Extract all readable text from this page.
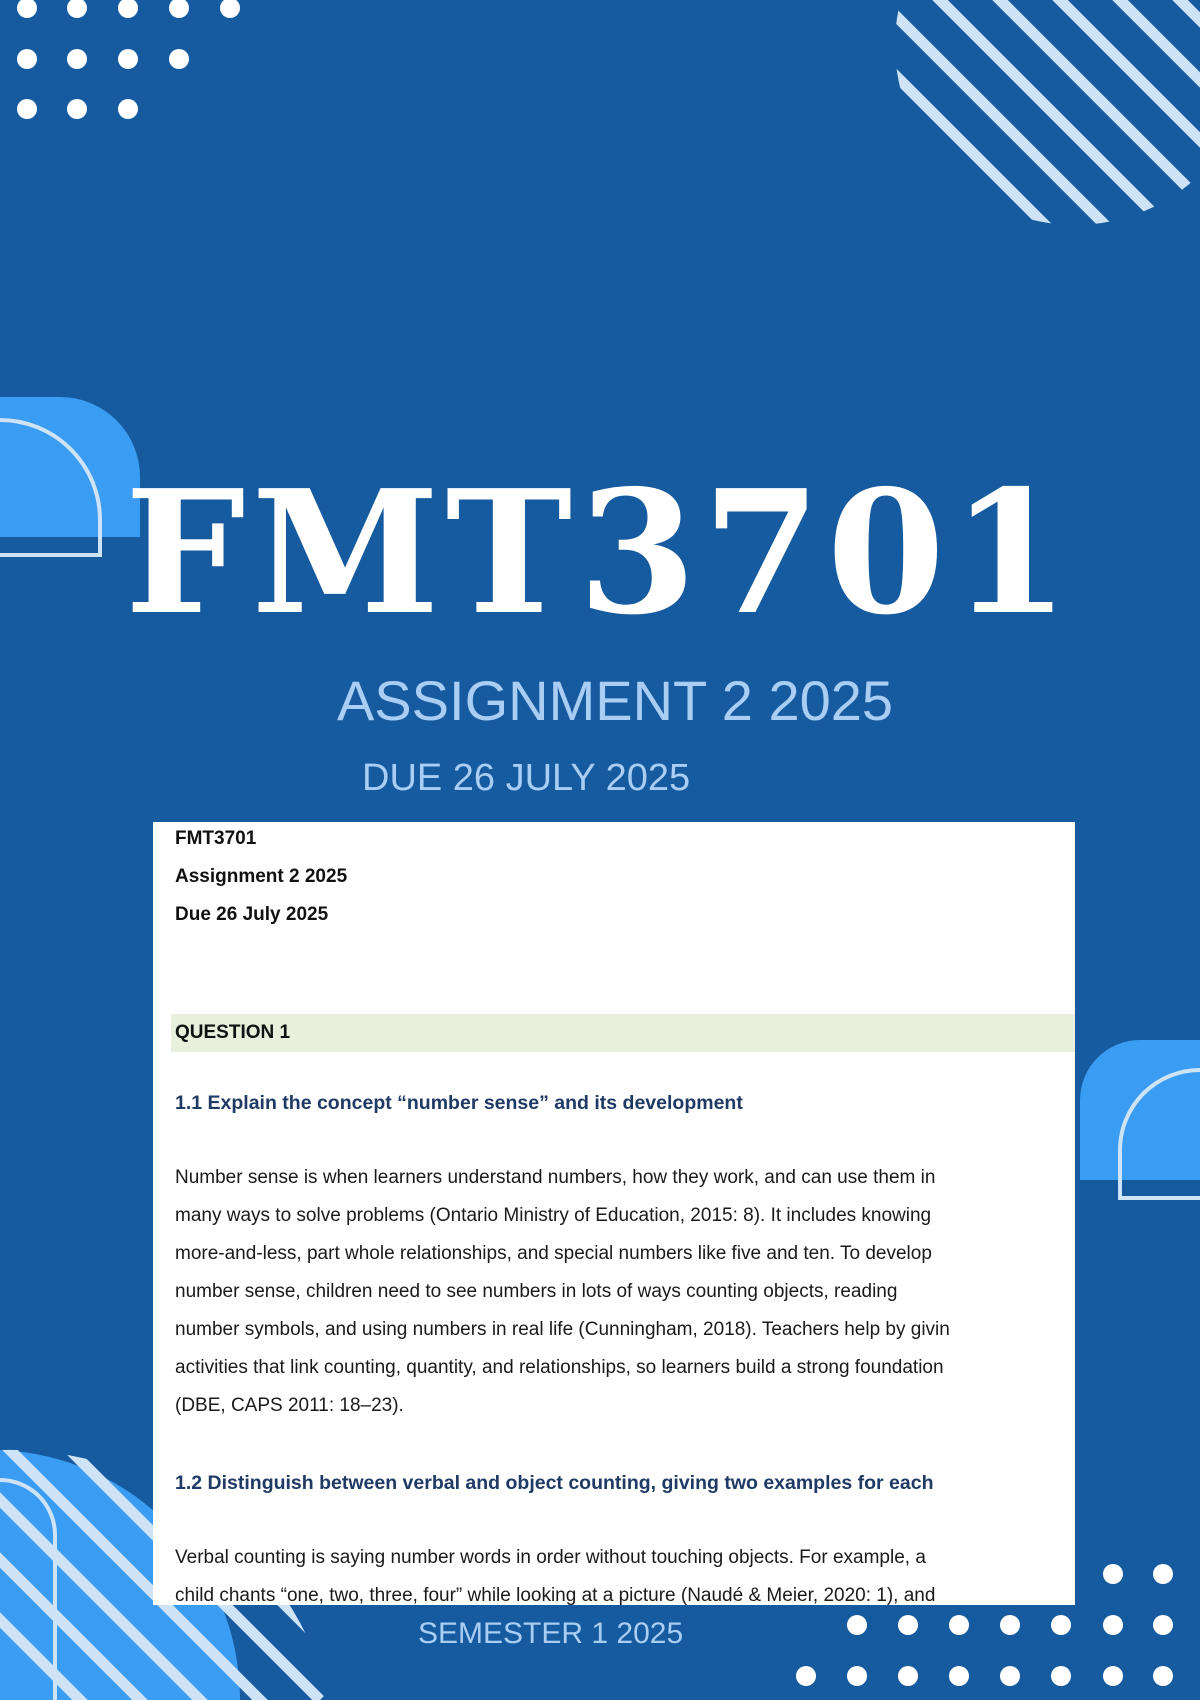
FMT3701
ASSIGNMENT 2 2025
DUE 26 JULY 2025

FMT3701

Assignment 2 2025

Due 26 July 2025

QUESTION 1

1.1 Explain the concept “number sense” and its development

Number sense is when learners understand numbers, how they work, and can use them in
many ways to solve problems (Ontario Ministry of Education, 2015: 8). It includes knowing
more-and-less, part whole relationships, and special numbers like five and ten. To develop
number sense, children need to see numbers in lots of ways counting objects, reading
number symbols, and using numbers in real life (Cunningham, 2018). Teachers help by givin
activities that link counting, quantity, and relationships, so learners build a strong foundation
(DBE, CAPS 2011: 18–23).

1.2 Distinguish between verbal and object counting, giving two examples for each

Verbal counting is saying number words in order without touching objects. For example, a
child chants “one, two, three, four” while looking at a picture (Naudé & Meier, 2020: 1), and
SEMESTER 1 2025
